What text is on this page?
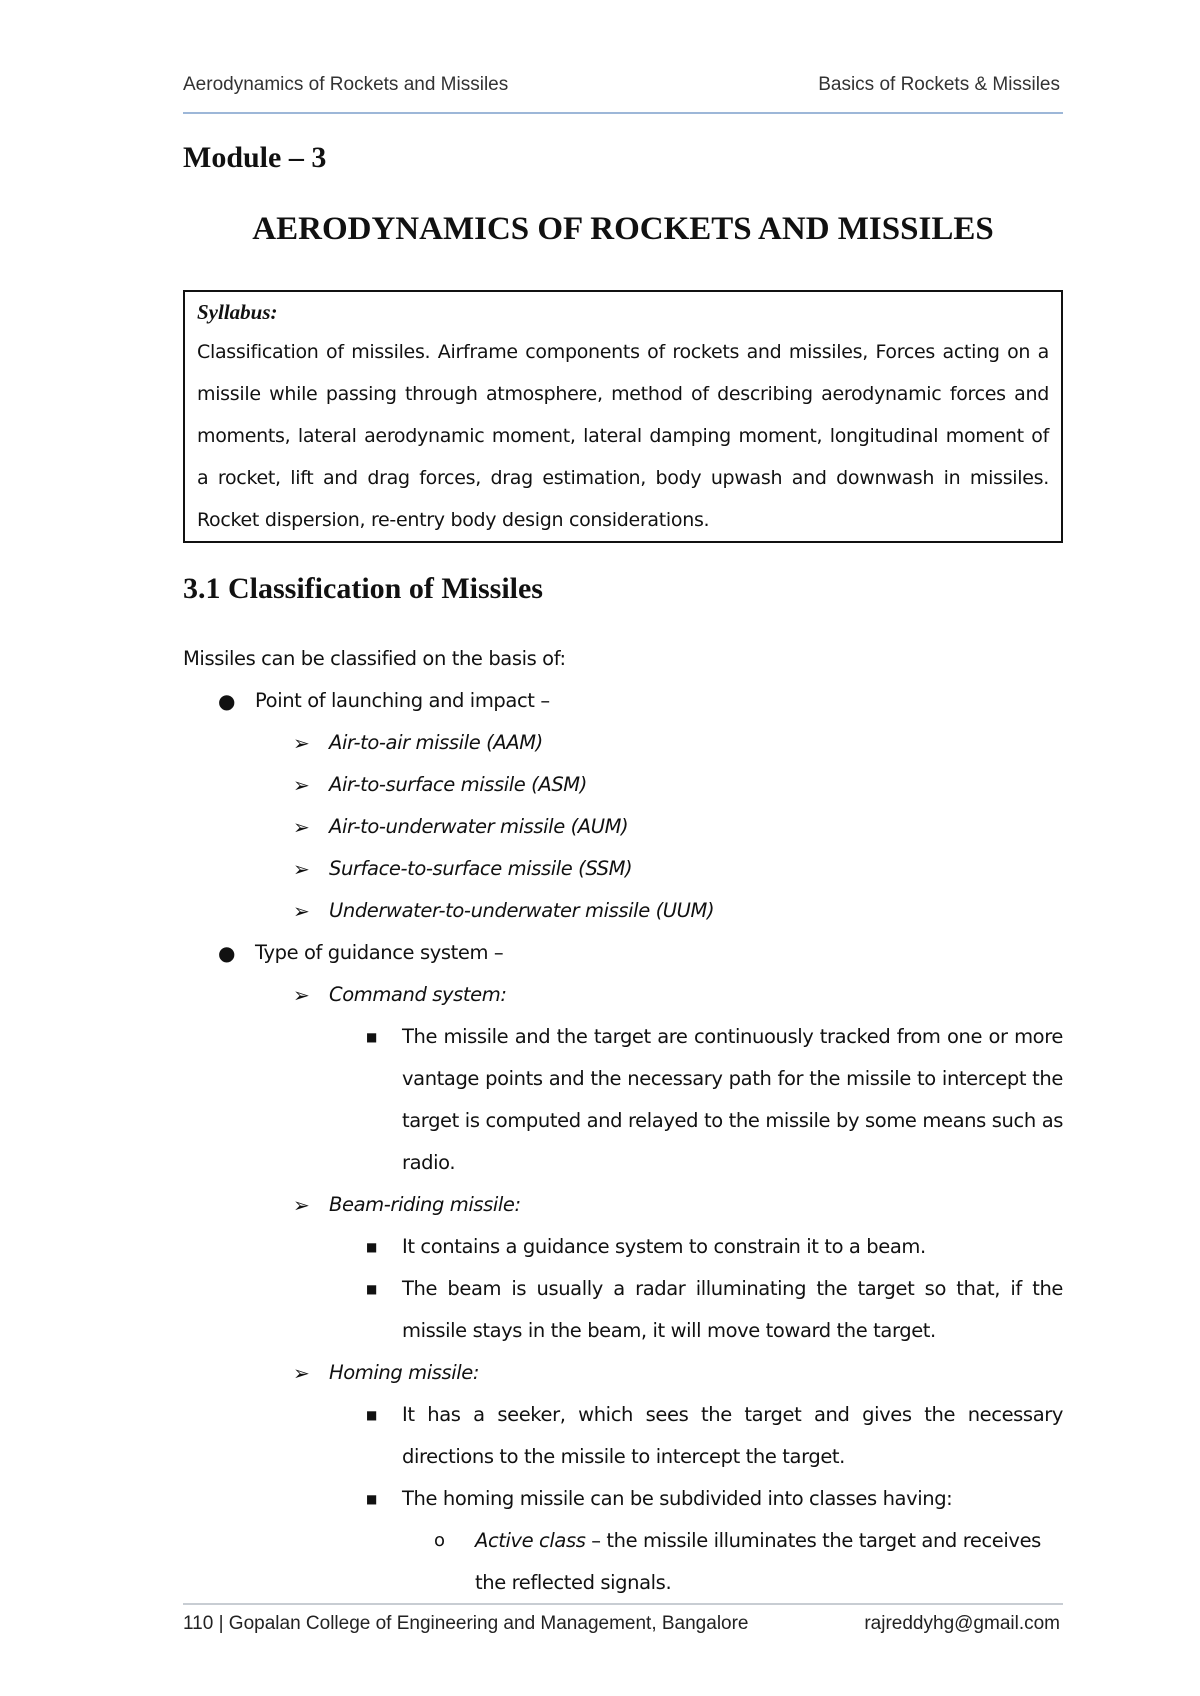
Aerodynamics of Rockets and Missiles	Basics of Rockets & Missiles
Module – 3
AERODYNAMICS OF ROCKETS AND MISSILES
Syllabus:
Classification of missiles. Airframe components of rockets and missiles, Forces acting on a missile while passing through atmosphere, method of describing aerodynamic forces and moments, lateral aerodynamic moment, lateral damping moment, longitudinal moment of a rocket, lift and drag forces, drag estimation, body upwash and downwash in missiles. Rocket dispersion, re-entry body design considerations.
3.1 Classification of Missiles
Missiles can be classified on the basis of:
● Point of launching and impact –
➢ Air-to-air missile (AAM)
➢ Air-to-surface missile (ASM)
➢ Air-to-underwater missile (AUM)
➢ Surface-to-surface missile (SSM)
➢ Underwater-to-underwater missile (UUM)
● Type of guidance system –
➢ Command system:
■ The missile and the target are continuously tracked from one or more
vantage points and the necessary path for the missile to intercept the
target is computed and relayed to the missile by some means such as
radio.
➢ Beam-riding missile:
■ It contains a guidance system to constrain it to a beam.
■ The beam is usually a radar illuminating the target so that, if the
missile stays in the beam, it will move toward the target.
➢ Homing missile:
■ It has a seeker, which sees the target and gives the necessary
directions to the missile to intercept the target.
■ The homing missile can be subdivided into classes having:
o Active class – the missile illuminates the target and receives
the reflected signals.
110 | Gopalan College of Engineering and Management, Bangalore	rajreddyhg@gmail.com
